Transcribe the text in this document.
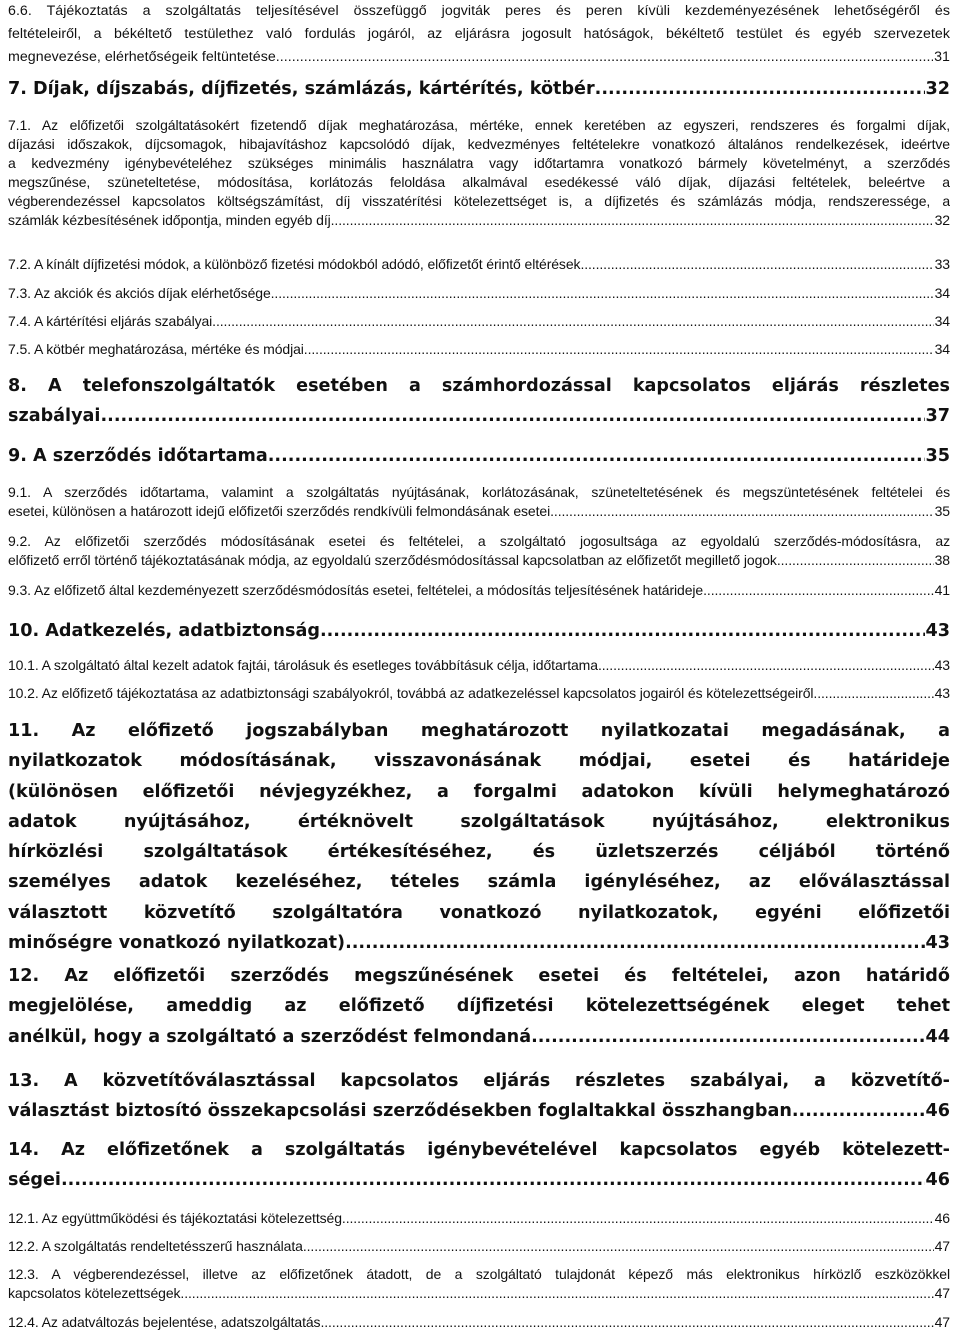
6.6. Tájékoztatás a szolgáltatás teljesítésével összefüggő jogviták peres és peren kívüli kezdeményezésének lehetőségéről és
feltételeiről, a békéltető testülethez való fordulás jogáról, az eljárásra jogosult hatóságok, békéltető testület és egyéb szervezetek
megnevezése, elérhetőségeik feltüntetése .....	31
7. Díjak, díjszabás, díjfizetés, számlázás, kártérítés, kötbér .....	32
7.1. Az előfizetői szolgáltatásokért fizetendő díjak meghatározása, mértéke, ennek keretében az egyszeri, rendszeres és forgalmi díjak,
díjazási időszakok, díjcsomagok, hibajavításhoz kapcsolódó díjak, kedvezményes feltételekre vonatkozó általános rendelkezések, ideértve
a kedvezmény igénybevételéhez szükséges minimális használatra vagy időtartamra vonatkozó bármely követelményt, a szerződés
megszűnése, szüneteltetése, módosítása, korlátozás feloldása alkalmával esedékessé váló díjak, díjazási feltételek, beleértve a
végberendezéssel kapcsolatos költségszámítást, díj visszatérítési kötelezettséget is, a díjfizetés és számlázás módja, rendszeressége, a
számlák kézbesítésének időpontja, minden egyéb díj .....	32
7.2. A kínált díjfizetési módok, a különböző fizetési módokból adódó, előfizetőt érintő eltérések .....	33
7.3. Az akciók és akciós díjak elérhetősége .....	34
7.4. A kártérítési eljárás szabályai .....	34
7.5. A kötbér meghatározása, mértéke és módjai .....	34
8. A telefonszolgáltatók esetében a számhordozással kapcsolatos eljárás részletes
szabályai .....	37
9. A szerződés időtartama .....	35
9.1. A szerződés időtartama, valamint a szolgáltatás nyújtásának, korlátozásának, szüneteltetésének és megszüntetésének feltételei és
esetei, különösen a határozott idejű előfizetői szerződés rendkívüli felmondásának esetei .....	35
9.2. Az előfizetői szerződés módosításának esetei és feltételei, a szolgáltató jogosultsága az egyoldalú szerződés-módosításra, az
előfizető erről történő tájékoztatásának módja, az egyoldalú szerződésmódosítással kapcsolatban az előfizetőt megillető jogok .....	38
9.3. Az előfizető által kezdeményezett szerződésmódosítás esetei, feltételei, a módosítás teljesítésének határideje .....	41
10. Adatkezelés, adatbiztonság .....	43
10.1. A szolgáltató által kezelt adatok fajtái, tárolásuk és esetleges továbbításuk célja, időtartama .....	43
10.2. Az előfizető tájékoztatása az adatbiztonsági szabályokról, továbbá az adatkezeléssel kapcsolatos jogairól és kötelezettségeiről .....	43
11. Az előfizető jogszabályban meghatározott nyilatkozatai megadásának, a
nyilatkozatok módosításának, visszavonásának módjai, esetei és határideje
(különösen előfizetői névjegyzékhez, a forgalmi adatokon kívüli helymeghatározó
adatok nyújtásához, értéknövelt szolgáltatások nyújtásához, elektronikus
hírközlési szolgáltatások értékesítéséhez, és üzletszerzés céljából történő
személyes adatok kezeléséhez, tételes számla igényléséhez, az előválasztással
választott közvetítő szolgáltatóra vonatkozó nyilatkozatok, egyéni előfizetői
minőségre vonatkozó nyilatkozat) .....	43
12. Az előfizetői szerződés megszűnésének esetei és feltételei, azon határidő
megjelölése, ameddig az előfizető díjfizetési kötelezettségének eleget tehet
anélkül, hogy a szolgáltató a szerződést felmondaná .....	44
13. A közvetítőválasztással kapcsolatos eljárás részletes szabályai, a közvetítő-
választást biztosító összekapcsolási szerződésekben foglaltakkal összhangban .....	46
14. Az előfizetőnek a szolgáltatás igénybevételével kapcsolatos egyéb kötelezett-
ségei .....	46
12.1. Az együttműködési és tájékoztatási kötelezettség .....	46
12.2. A szolgáltatás rendeltetésszerű használata .....	47
12.3. A végberendezéssel, illetve az előfizetőnek átadott, de a szolgáltató tulajdonát képező más elektronikus hírközlő eszközökkel
kapcsolatos kötelezettségek .....	47
12.4. Az adatváltozás bejelentése, adatszolgáltatás .....	47
